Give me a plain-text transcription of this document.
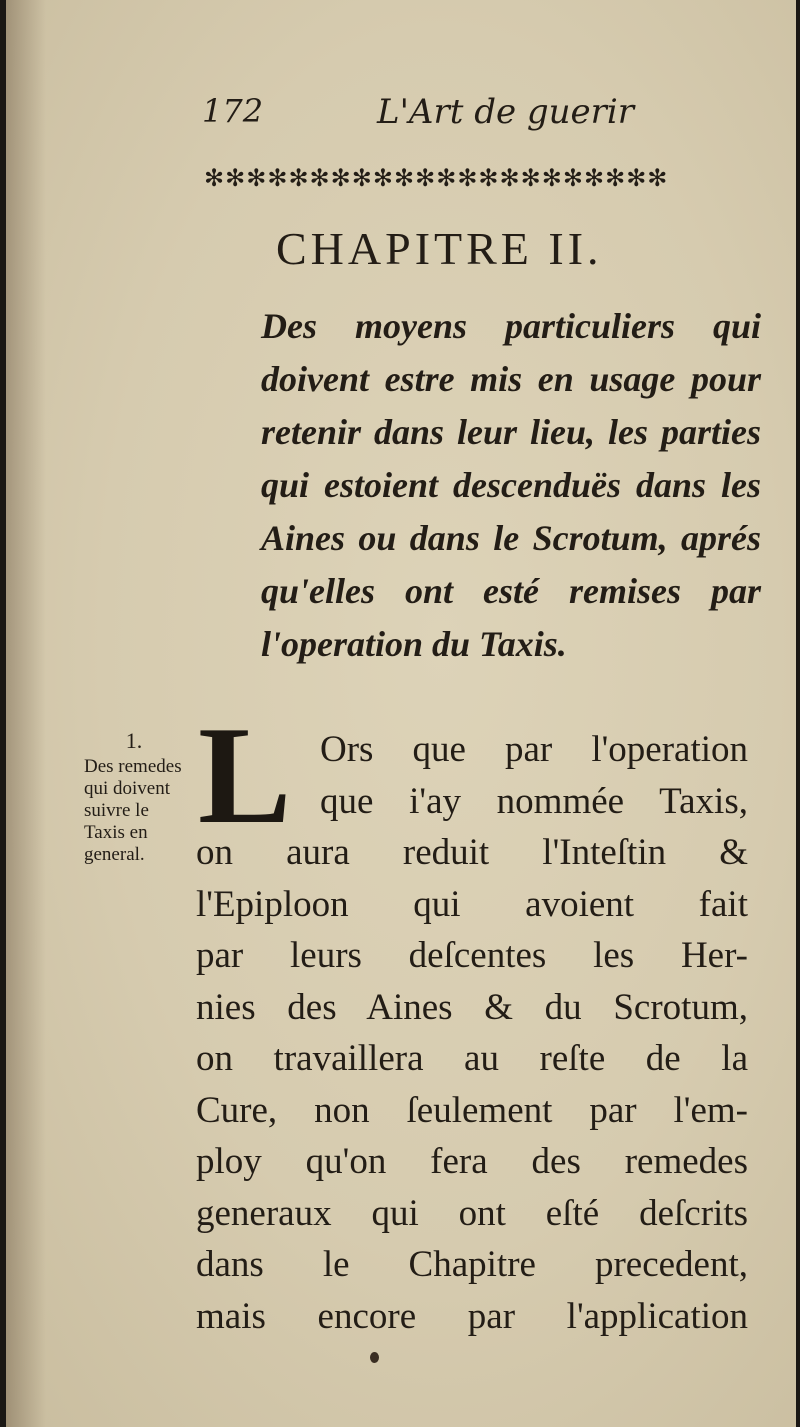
172	L'Art de guerir
✻✻✻✻✻✻✻✻✻✻✻✻✻✻✻✻✻✻✻✻✻✻
CHAPITRE II.
Des moyens particuliers qui doivent estre mis en usage pour retenir dans leur lieu, les parties qui estoient descenduës dans les Aines ou dans le Scrotum, aprés qu'elles ont esté remises par l'operation du Taxis.
1.
Des remedes qui doivent suivre le Taxis en general.
L Ors que par l'operation
que i'ay nommée Taxis,
on aura reduit l'Inteſtin &
l'Epiploon qui avoient fait
par leurs deſcentes les Her-
nies des Aines & du Scrotum,
on travaillera au reſte de la
Cure, non ſeulement par l'em-
ploy qu'on fera des remedes
generaux qui ont eſté deſcrits
dans le Chapitre precedent,
mais encore par l'application
